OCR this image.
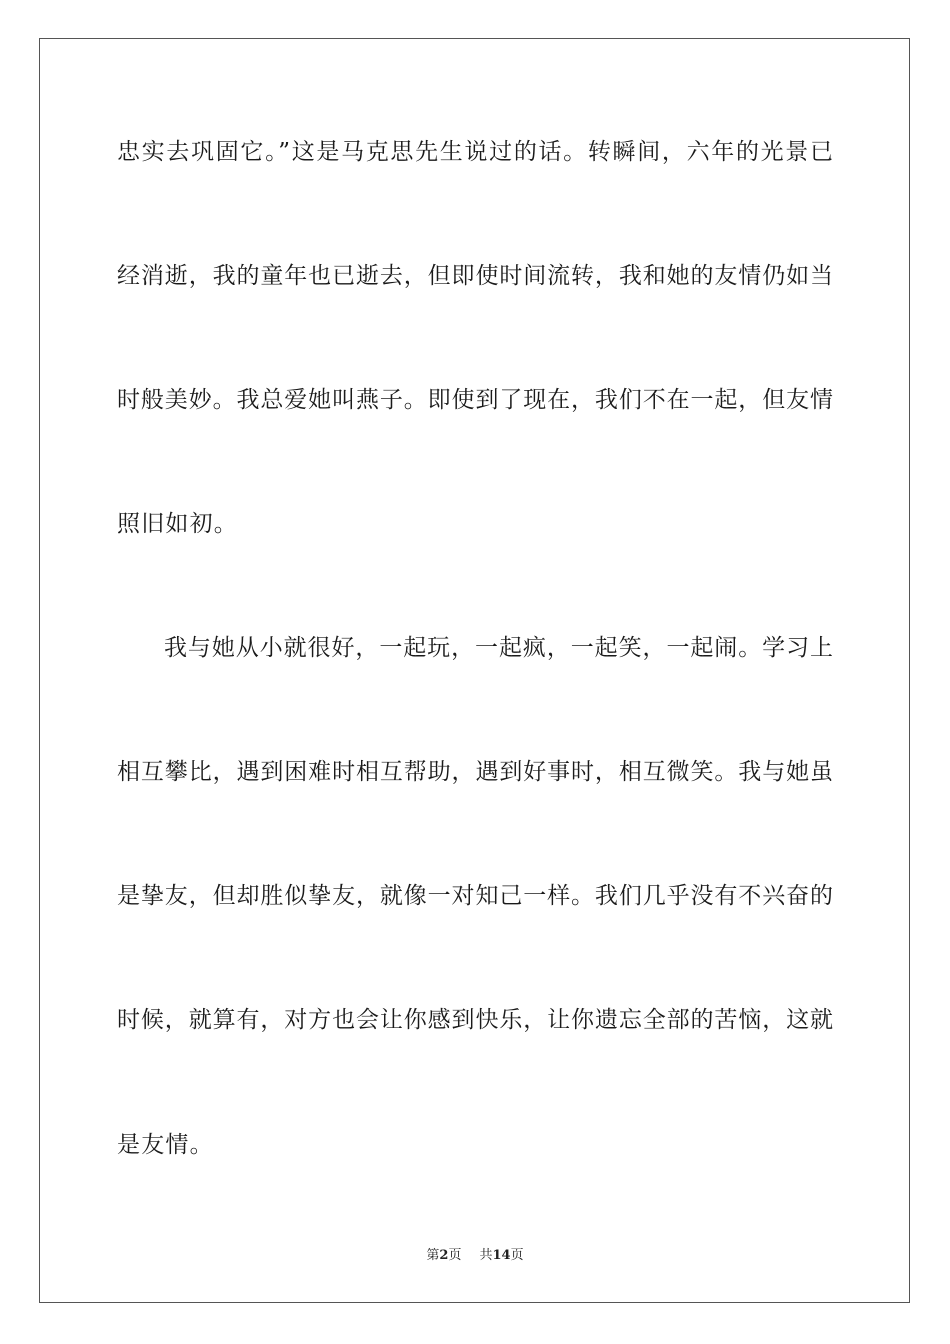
忠实去巩固它。”这是马克思先生说过的话。转瞬间，六年的光景已

经消逝，我的童年也已逝去，但即使时间流转，我和她的友情仍如当

时般美妙。我总爱她叫燕子。即使到了现在，我们不在一起，但友情

照旧如初。

我与她从小就很好，一起玩，一起疯，一起笑，一起闹。学习上

相互攀比，遇到困难时相互帮助，遇到好事时，相互微笑。我与她虽

是挚友，但却胜似挚友，就像一对知己一样。我们几乎没有不兴奋的

时候，就算有，对方也会让你感到快乐，让你遗忘全部的苦恼，这就

是友情。

第2页 共14页
